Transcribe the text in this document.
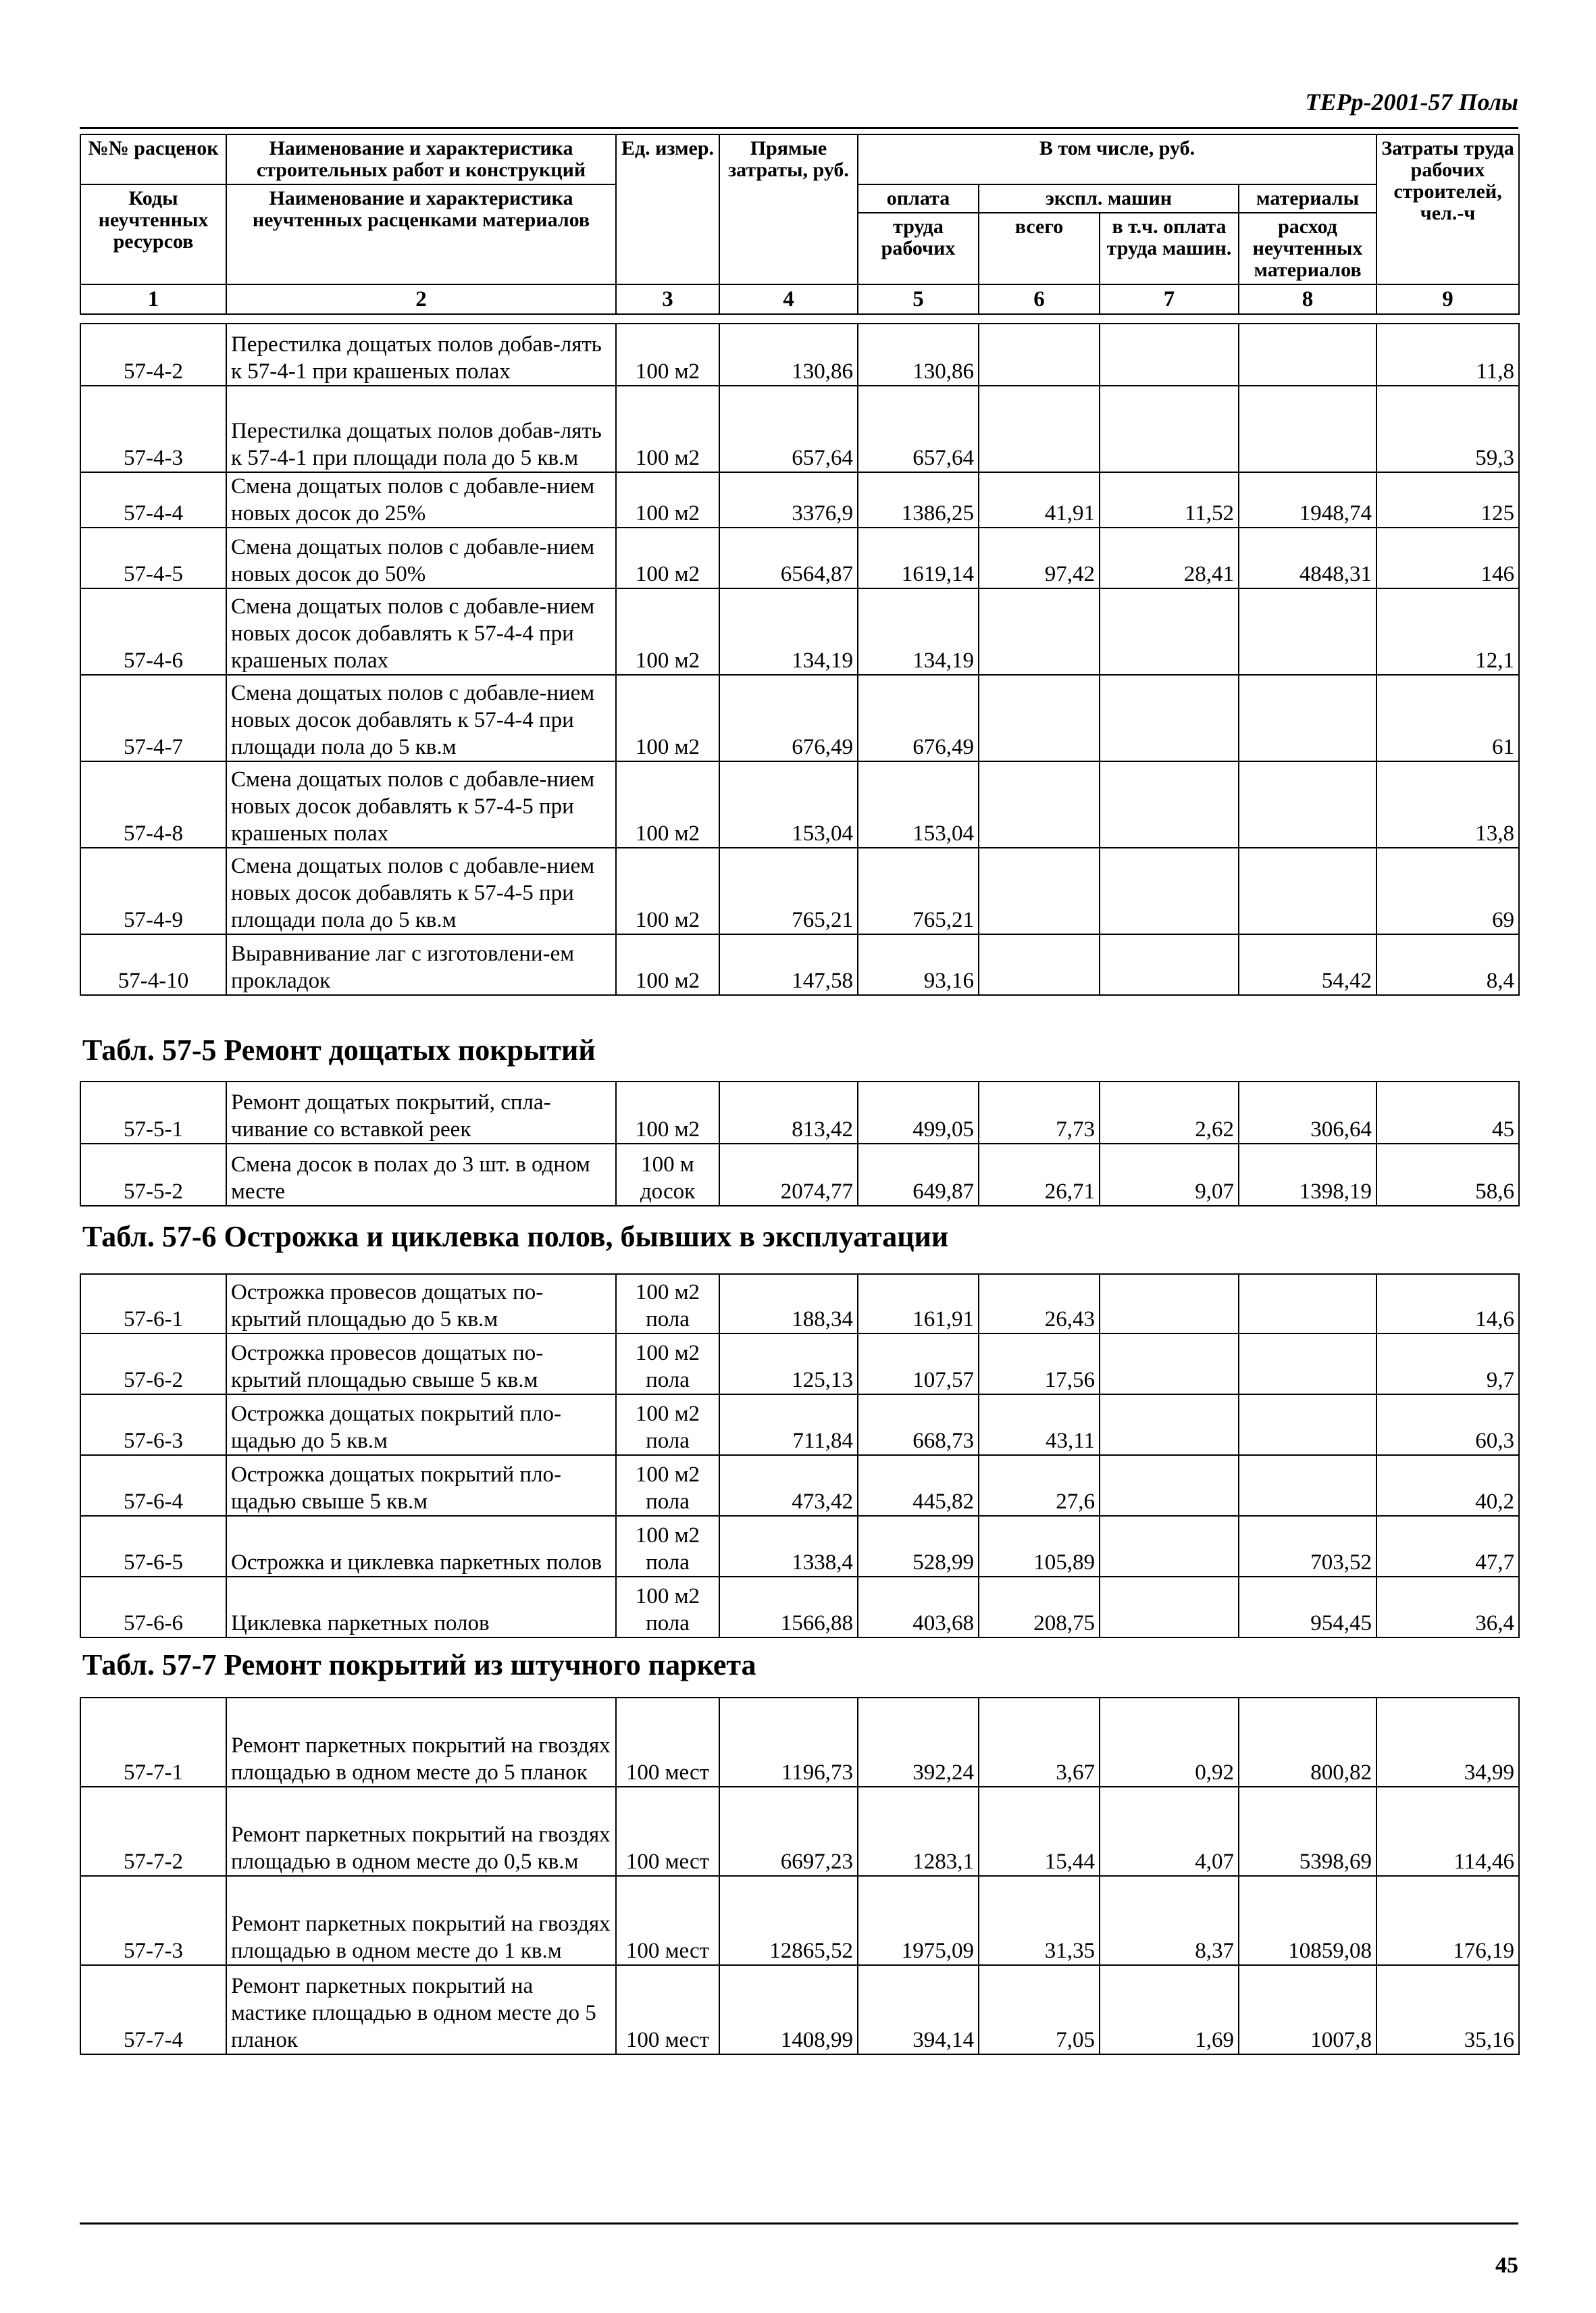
ТЕРр-2001-57 Полы
№№ расценок	Наименование и характеристика строительных работ и конструкций	Ед. измер.	Прямые затраты, руб.	В том числе, руб.				Затраты труда рабочих строителей, чел.-ч
Коды неучтенных ресурсов	Наименование и характеристика неучтенных расценками материалов			оплата	экспл. машин		материалы	
				труда рабочих	всего	в т.ч. оплата труда машин.	расход неучтенных материалов	
1	2	3	4	5	6	7	8	9
57-4-2	Перестилка дощатых полов добав-лять к 57-4-1 при крашеных полах	100 м2	130,86	130,86				11,8
57-4-3	Перестилка дощатых полов добав-лять к 57-4-1 при площади пола до 5 кв.м	100 м2	657,64	657,64				59,3
57-4-4	Смена дощатых полов с добавле-нием новых досок до 25%	100 м2	3376,9	1386,25	41,91	11,52	1948,74	125
57-4-5	Смена дощатых полов с добавле-нием новых досок до 50%	100 м2	6564,87	1619,14	97,42	28,41	4848,31	146
57-4-6	Смена дощатых полов с добавле-нием новых досок добавлять к 57-4-4 при крашеных полах	100 м2	134,19	134,19				12,1
57-4-7	Смена дощатых полов с добавле-нием новых досок добавлять к 57-4-4 при площади пола до 5 кв.м	100 м2	676,49	676,49				61
57-4-8	Смена дощатых полов с добавле-нием новых досок добавлять к 57-4-5 при крашеных полах	100 м2	153,04	153,04				13,8
57-4-9	Смена дощатых полов с добавле-нием новых досок добавлять к 57-4-5 при площади пола до 5 кв.м	100 м2	765,21	765,21				69
57-4-10	Выравнивание лаг с изготовлени-ем прокладок	100 м2	147,58	93,16			54,42	8,4
Табл. 57-5 Ремонт дощатых покрытий
57-5-1	Ремонт дощатых покрытий, спла-чивание со вставкой реек	100 м2	813,42	499,05	7,73	2,62	306,64	45
57-5-2	Смена досок в полах до 3 шт. в одном месте	100 м досок	2074,77	649,87	26,71	9,07	1398,19	58,6
Табл. 57-6 Острожка и циклевка полов, бывших в эксплуатации
57-6-1	Острожка провесов дощатых по-крытий площадью до 5 кв.м	100 м2 пола	188,34	161,91	26,43			14,6
57-6-2	Острожка провесов дощатых по-крытий площадью свыше 5 кв.м	100 м2 пола	125,13	107,57	17,56			9,7
57-6-3	Острожка дощатых покрытий пло-щадью до 5 кв.м	100 м2 пола	711,84	668,73	43,11			60,3
57-6-4	Острожка дощатых покрытий пло-щадью свыше 5 кв.м	100 м2 пола	473,42	445,82	27,6			40,2
57-6-5	Острожка и циклевка паркетных полов	100 м2 пола	1338,4	528,99	105,89		703,52	47,7
57-6-6	Циклевка паркетных полов	100 м2 пола	1566,88	403,68	208,75		954,45	36,4
Табл. 57-7 Ремонт покрытий из штучного паркета
57-7-1	Ремонт паркетных покрытий на гвоздях площадью в одном месте до 5 планок	100 мест	1196,73	392,24	3,67	0,92	800,82	34,99
57-7-2	Ремонт паркетных покрытий на гвоздях площадью в одном месте до 0,5 кв.м	100 мест	6697,23	1283,1	15,44	4,07	5398,69	114,46
57-7-3	Ремонт паркетных покрытий на гвоздях площадью в одном месте до 1 кв.м	100 мест	12865,52	1975,09	31,35	8,37	10859,08	176,19
57-7-4	Ремонт паркетных покрытий на мастике площадью в одном месте до 5 планок	100 мест	1408,99	394,14	7,05	1,69	1007,8	35,16
45
